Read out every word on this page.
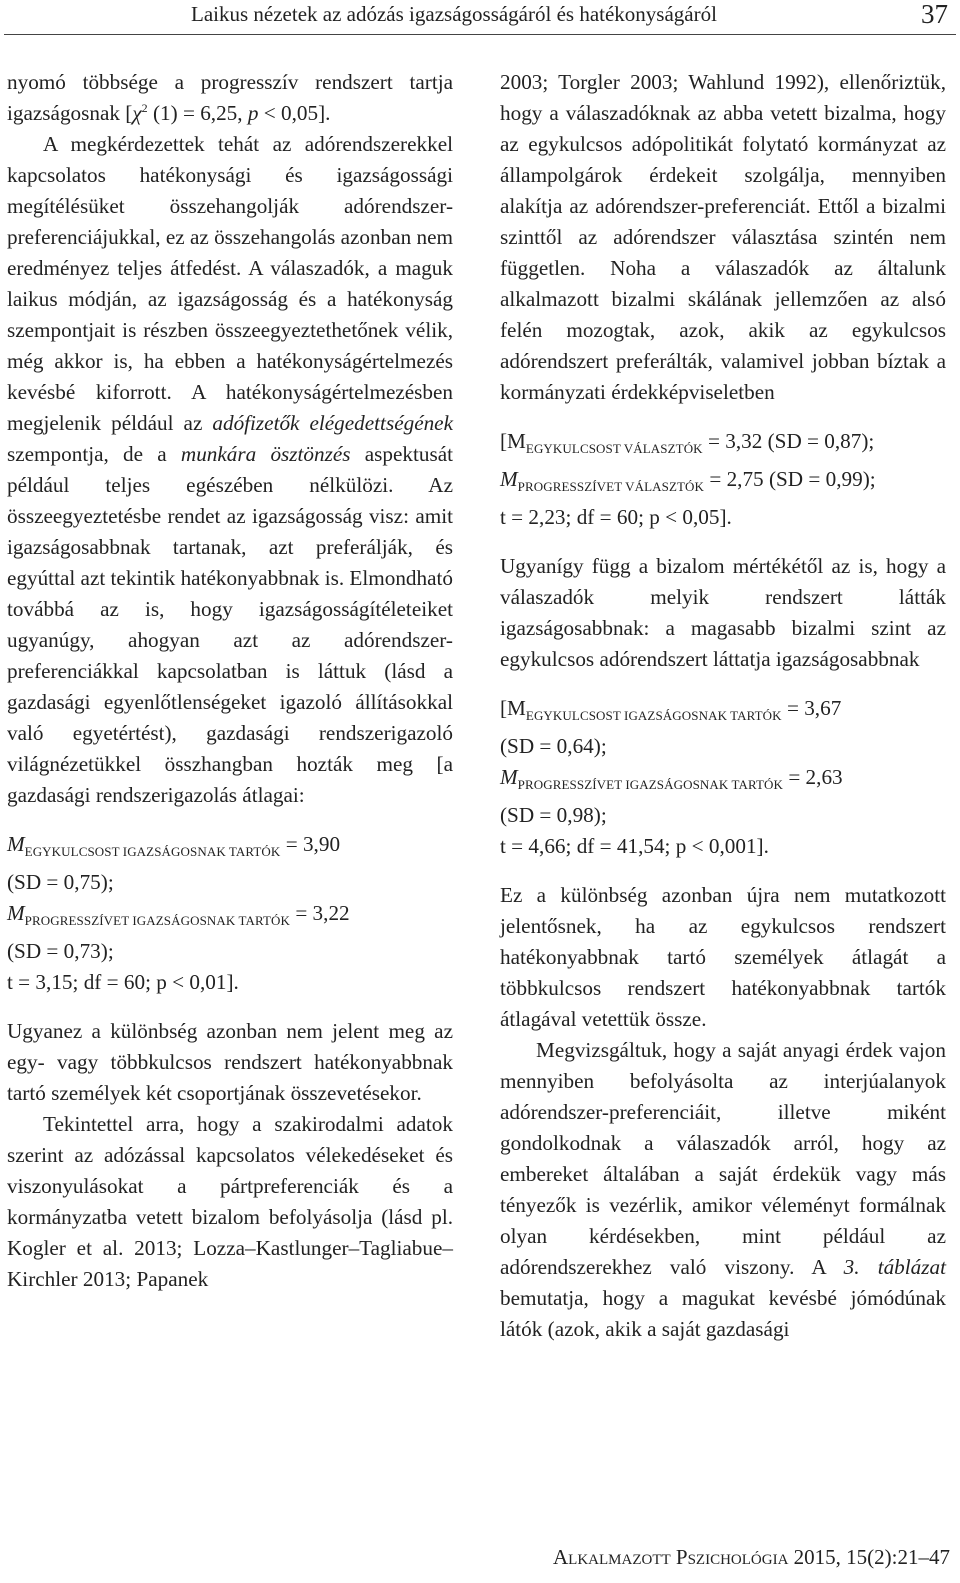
Laikus nézetek az adózás igazságosságáról és hatékonyságáról	37

nyomó többsége a progresszív rendszert tartja igazságosnak [$\chi^2$ (1) = 6,25, p < 0,05].

A megkérdezettek tehát az adórendszerekkel kapcsolatos hatékonysági és igazságossági megítélésüket összehangolják adórendszer-preferenciájukkal, ez az összehangolás azonban nem eredményez teljes átfedést. A válaszadók, a maguk laikus módján, az igazságosság és a hatékonyság szempontjait is részben összeegyeztethetőnek vélik, még akkor is, ha ebben a hatékonyságértelmezés kevésbé kiforrott. A hatékonyságértelmezésben megjelenik például az adófizetők elégedettségének szempontja, de a munkára ösztönzés aspektusát például teljes egészében nélkülözi. Az összeegyeztetésbe rendet az igazságosság visz: amit igazságosabbnak tartanak, azt preferálják, és egyúttal azt tekintik hatékonyabbnak is. Elmondható továbbá az is, hogy igazságosságítéleteiket ugyanúgy, ahogyan azt az adórendszer-preferenciákkal kapcsolatban is láttuk (lásd a gazdasági egyenlőtlenségeket igazoló állításokkal való egyetértést), gazdasági rendszerigazoló világnézetükkel összhangban hozták meg [a gazdasági rendszerigazolás átlagai:

$M_{EGYKULCSOST IGAZSÁGOSNAK TARTÓK} = 3,90$

(SD = 0,75);

$M_{PROGRESSZÍVET IGAZSÁGOSNAK TARTÓK} = 3,22$

(SD = 0,73);

t = 3,15; df = 60; p < 0,01].

Ugyanez a különbség azonban nem jelent meg az egy- vagy többkulcsos rendszert hatékonyabbnak tartó személyek két csoportjának összevetésekor.

Tekintettel arra, hogy a szakirodalmi adatok szerint az adózással kapcsolatos vélekedéseket és viszonyulásokat a pártpreferenciák és a kormányzatba vetett bizalom befolyásolja (lásd pl. Kogler et al. 2013; Lozza–Kastlunger–Tagliabue–Kirchler 2013; Papanek

2003; Torgler 2003; Wahlund 1992), ellenőriztük, hogy a válaszadóknak az abba vetett bizalma, hogy az egykulcsos adópolitikát folytató kormányzat az állampolgárok érdekeit szolgálja, mennyiben alakítja az adórendszer-preferenciát. Ettől a bizalmi szinttől az adórendszer választása szintén nem független. Noha a válaszadók az általunk alkalmazott bizalmi skálának jellemzően az alsó felén mozogtak, azok, akik az egykulcsos adórendszert preferálták, valamivel jobban bíztak a kormányzati érdekképviseletben

[$M_{EGYKULCSOST VÁLASZTÓK} = 3,32$ (SD = 0,87);

$M_{PROGRESSZÍVET VÁLASZTÓK} = 2,75$ (SD = 0,99);

t = 2,23; df = 60; p < 0,05].

Ugyanígy függ a bizalom mértékétől az is, hogy a válaszadók melyik rendszert látták igazságosabbnak: a magasabb bizalmi szint az egykulcsos adórendszert láttatja igazságosabbnak

[$M_{EGYKULCSOST IGAZSÁGOSNAK TARTÓK} = 3,67$

(SD = 0,64);

$M_{PROGRESSZÍVET IGAZSÁGOSNAK TARTÓK} = 2,63$

(SD = 0,98);

t = 4,66; df = 41,54; p < 0,001].

Ez a különbség azonban újra nem mutatkozott jelentősnek, ha az egykulcsos rendszert hatékonyabbnak tartó személyek átlagát a többkulcsos rendszert hatékonyabbnak tartók átlagával vetettük össze.

Megvizsgáltuk, hogy a saját anyagi érdek vajon mennyiben befolyásolta az interjúalanyok adórendszer-preferenciáit, illetve miként gondolkodnak a válaszadók arról, hogy az embereket általában a saját érdekük vagy más tényezők is vezérlik, amikor véleményt formálnak olyan kérdésekben, mint például az adórendszerekhez való viszony. A 3. táblázat bemutatja, hogy a magukat kevésbé jómódúnak látók (azok, akik a saját gazdasági

ALKALMAZOTT PSZICHOLÓGIA 2015, 15(2):21–47
